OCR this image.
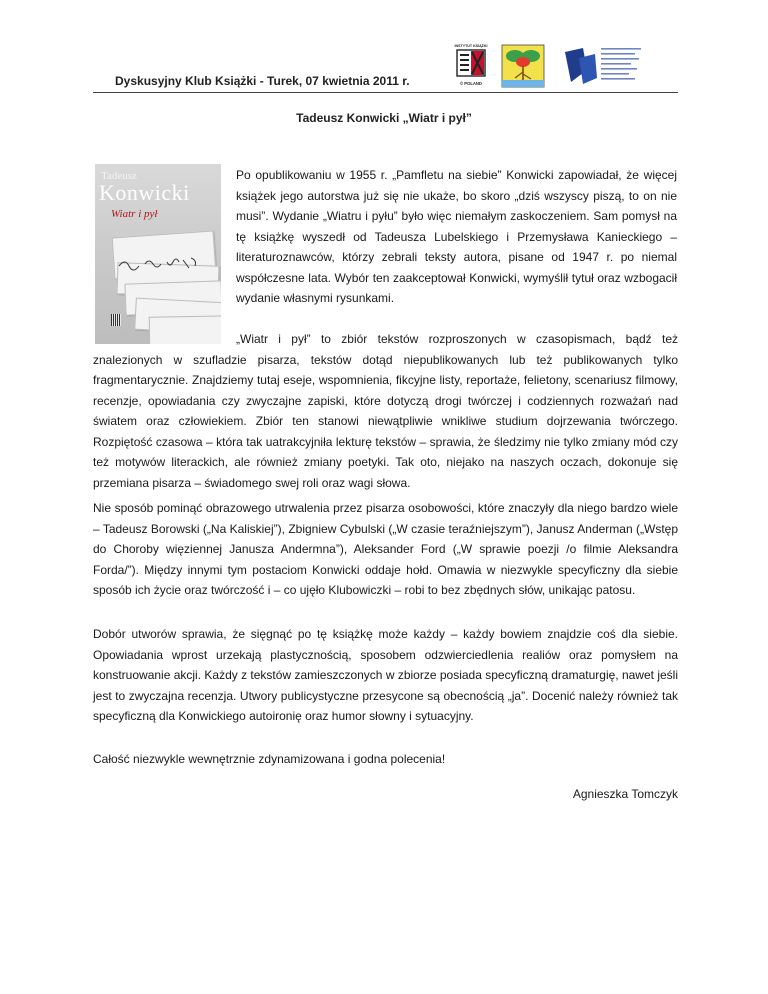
Dyskusyjny Klub Książki - Turek, 07 kwietnia 2011 r.
INSTYTUT KSIĄŻKI
© POLAND
Tadeusz Konwicki „Wiatr i pył”
Tadeusz
Konwicki
Wiatr i pył

Po opublikowaniu w 1955 r. „Pamfletu na siebie” Konwicki zapowiadał, że więcej książek jego autorstwa już się nie ukaże, bo skoro „dziś wszyscy piszą, to on nie musi”. Wydanie „Wiatru i pyłu” było więc niemałym zaskoczeniem. Sam pomysł na tę książkę wyszedł od Tadeusza Lubelskiego i Przemysława Kanieckiego – literaturoznawców, którzy zebrali teksty autora, pisane od 1947 r. po niemal współczesne lata. Wybór ten zaakceptował Konwicki, wymyślił tytuł oraz wzbogacił wydanie własnymi rysunkami.

„Wiatr i pył” to zbiór tekstów rozproszonych w czasopismach, bądź też znalezionych w szufladzie pisarza, tekstów dotąd niepublikowanych lub też publikowanych tylko fragmentarycznie. Znajdziemy tutaj eseje, wspomnienia, fikcyjne listy, reportaże, felietony, scenariusz filmowy, recenzje, opowiadania czy zwyczajne zapiski, które dotyczą drogi twórczej i codziennych rozważań nad światem oraz człowiekiem. Zbiór ten stanowi niewątpliwie wnikliwe studium dojrzewania twórczego. Rozpiętość czasowa – która tak uatrakcyjniła lekturę tekstów – sprawia, że śledzimy nie tylko zmiany mód czy też motywów literackich, ale również zmiany poetyki. Tak oto, niejako na naszych oczach, dokonuje się przemiana pisarza – świadomego swej roli oraz wagi słowa.

Nie sposób pominąć obrazowego utrwalenia przez pisarza osobowości, które znaczyły dla niego bardzo wiele – Tadeusz Borowski („Na Kaliskiej”), Zbigniew Cybulski („W czasie teraźniejszym”), Janusz Anderman („Wstęp do Choroby więziennej Janusza Andermna”), Aleksander Ford („W sprawie poezji /o filmie Aleksandra Forda/”). Między innymi tym postaciom Konwicki oddaje hołd. Omawia w niezwykle specyficzny dla siebie sposób ich życie oraz twórczość i – co ujęło Klubowiczki – robi to bez zbędnych słów, unikając patosu.

Dobór utworów sprawia, że sięgnąć po tę książkę może każdy – każdy bowiem znajdzie coś dla siebie. Opowiadania wprost urzekają plastycznością, sposobem odzwierciedlenia realiów oraz pomysłem na konstruowanie akcji. Każdy z tekstów zamieszczonych w zbiorze posiada specyficzną dramaturgię, nawet jeśli jest to zwyczajna recenzja. Utwory publicystyczne przesycone są obecnością „ja”. Docenić należy również tak specyficzną dla Konwickiego autoironię oraz humor słowny i sytuacyjny.

Całość niezwykle wewnętrznie zdynamizowana i godna polecenia!

Agnieszka Tomczyk
